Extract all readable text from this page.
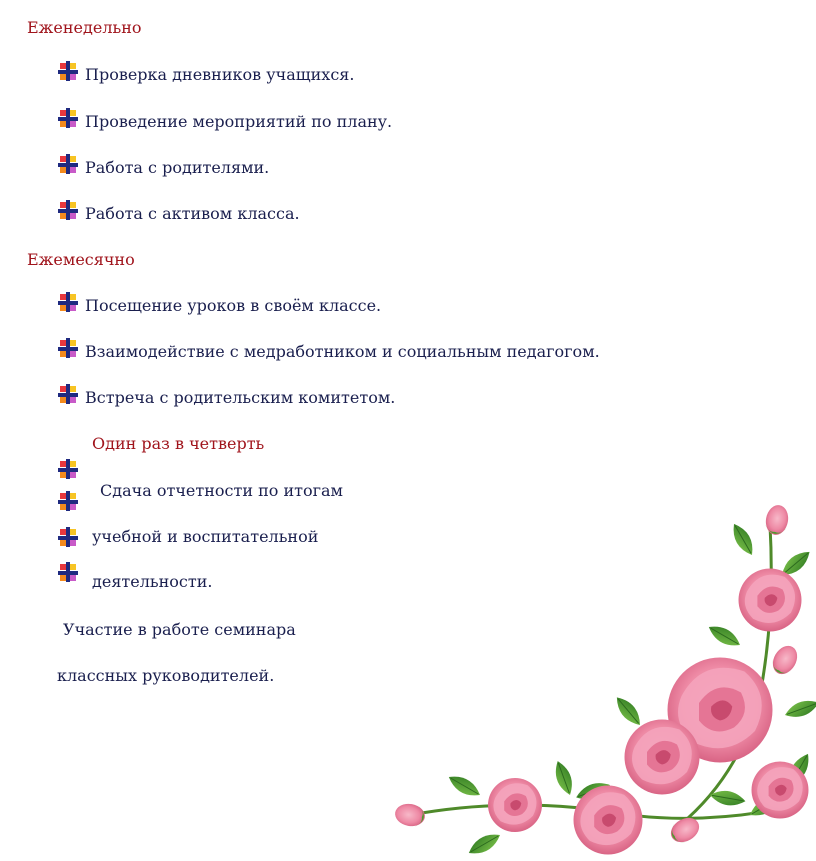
Еженедельно
Проверка дневников учащихся.
Проведение мероприятий по плану.
Работа с родителями.
Работа с активом класса.
Ежемесячно
Посещение уроков в своём классе.
Взаимодействие с медработником и социальным педагогом.
Встреча с родительским комитетом.
Один раз в четверть
Сдача отчетности по итогам
учебной и воспитательной
деятельности.
Участие в работе семинара
классных руководителей.
